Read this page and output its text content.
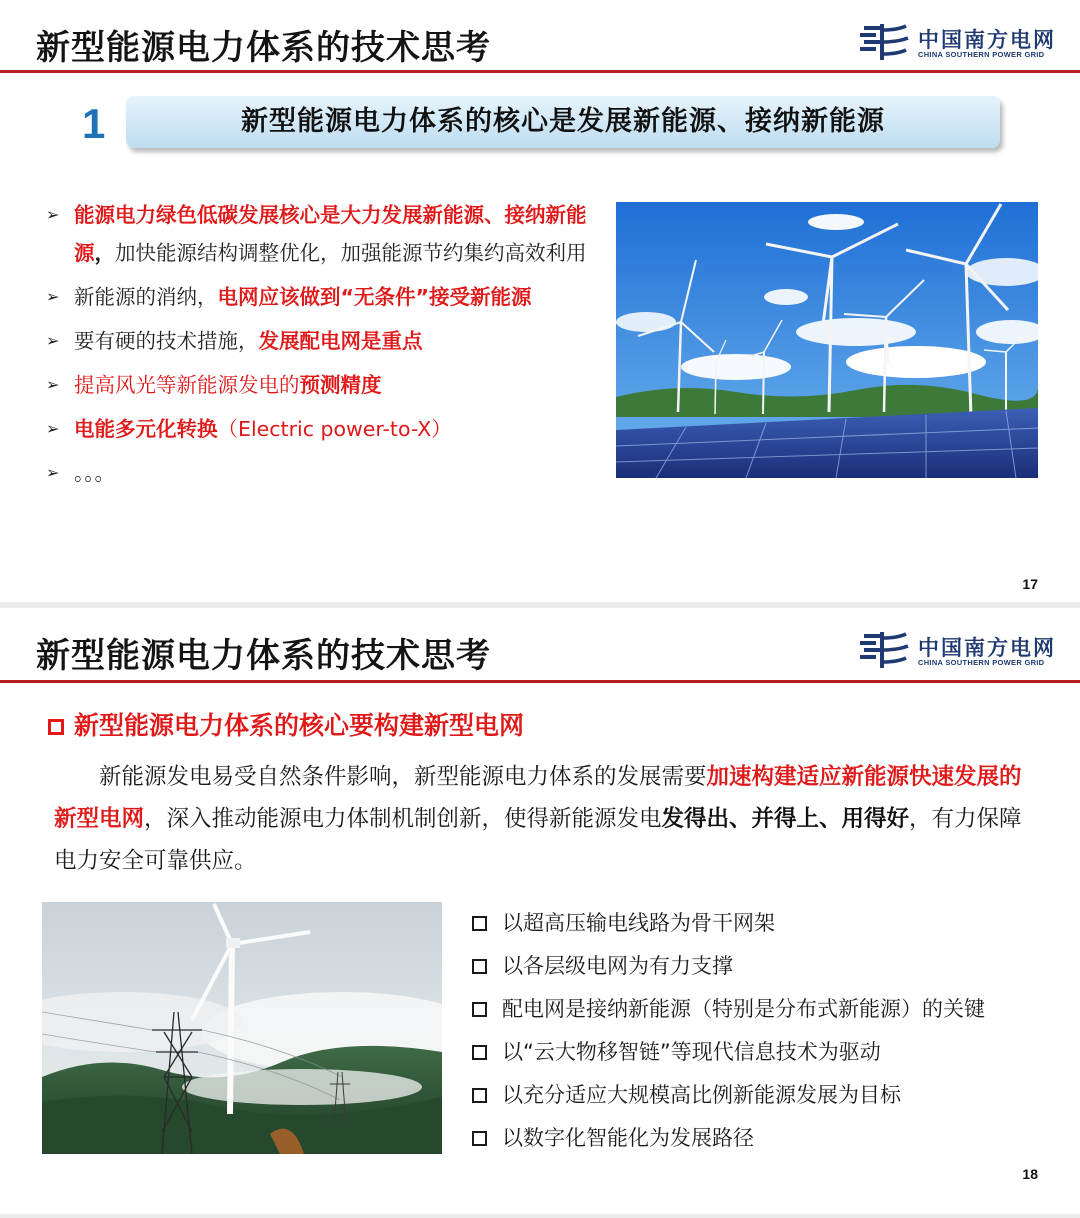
新型能源电力体系的技术思考	中国南方电网
CHINA SOUTHERN POWER GRID
1	新型能源电力体系的核心是发展新能源、接纳新能源
➢ 能源电力绿色低碳发展核心是大力发展新能源、接纳新能源，加快能源结构调整优化，加强能源节约集约高效利用
➢ 新能源的消纳，电网应该做到“无条件”接受新能源
➢ 要有硬的技术措施，发展配电网是重点
➢ 提高风光等新能源发电的预测精度
➢ 电能多元化转换（Electric power-to-X）
➢ 。。。
17
新型能源电力体系的技术思考	中国南方电网
CHINA SOUTHERN POWER GRID
新型能源电力体系的核心要构建新型电网

新能源发电易受自然条件影响，新型能源电力体系的发展需要加速构建适应新能源快速发展的新型电网，深入推动能源电力体制机制创新，使得新能源发电发得出、并得上、用得好，有力保障电力安全可靠供应。

以超高压输电线路为骨干网架
以各层级电网为有力支撑
配电网是接纳新能源（特别是分布式新能源）的关键
以“云大物移智链”等现代信息技术为驱动
以充分适应大规模高比例新能源发展为目标
以数字化智能化为发展路径
18
